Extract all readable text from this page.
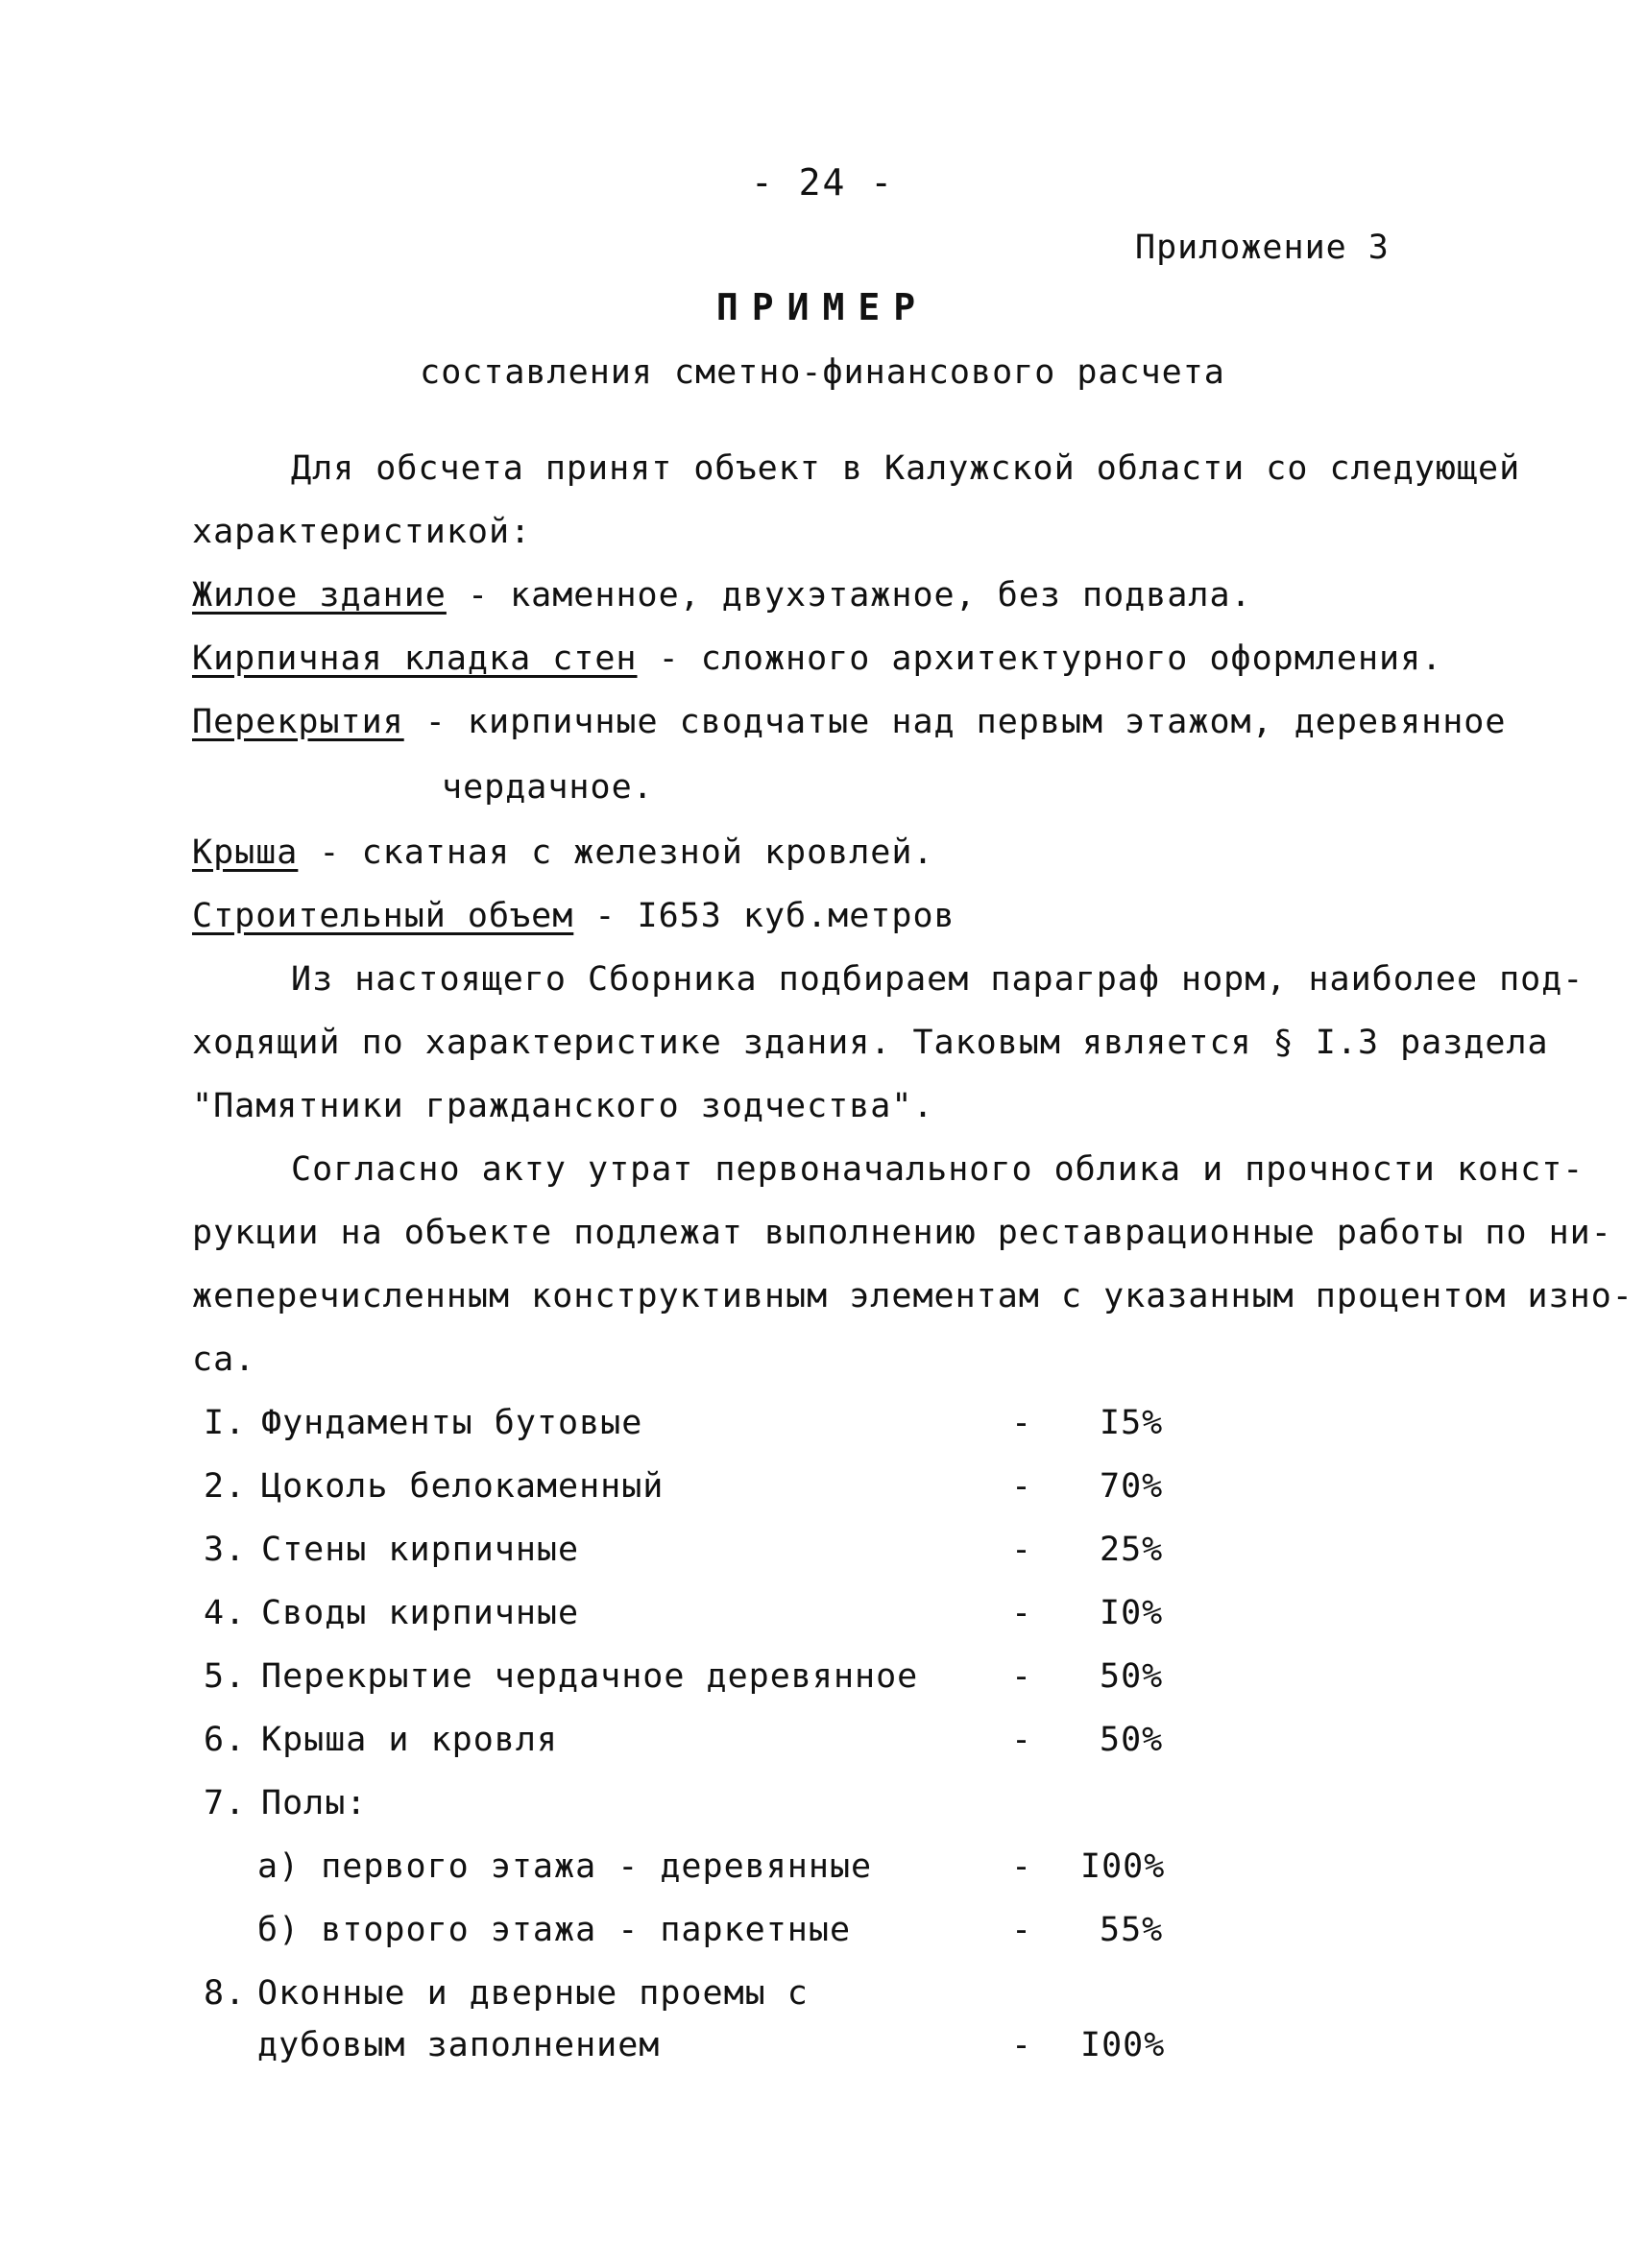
- 24 -
Приложение 3
ПРИМЕР
составления сметно-финансового расчета
Для обсчета принят объект в Калужской области со следующей
характеристикой:
Жилое здание - каменное, двухэтажное, без подвала.
Кирпичная кладка стен - сложного архитектурного оформления.
Перекрытия - кирпичные сводчатые над первым этажом, деревянное
чердачное.
Крыша - скатная с железной кровлей.
Строительный объем - I653 куб.метров
Из настоящего Сборника подбираем параграф норм, наиболее под-
ходящий по характеристике здания. Таковым является § I.3 раздела
"Памятники гражданского зодчества".
Согласно акту утрат первоначального облика и прочности конст-
рукции на объекте подлежат выполнению реставрационные работы по ни-
жеперечисленным конструктивным элементам с указанным процентом изно-
са.
I. Фундаменты бутовые	- I5%
2. Цоколь белокаменный	- 70%
3. Стены кирпичные	- 25%
4. Своды кирпичные	- I0%
5. Перекрытие чердачное деревянное	- 50%
6. Крыша и кровля	- 50%
7. Полы:
а) первого этажа - деревянные	- I00%
б) второго этажа - паркетные	- 55%
8. Оконные и дверные проемы с
дубовым заполнением	- I00%
